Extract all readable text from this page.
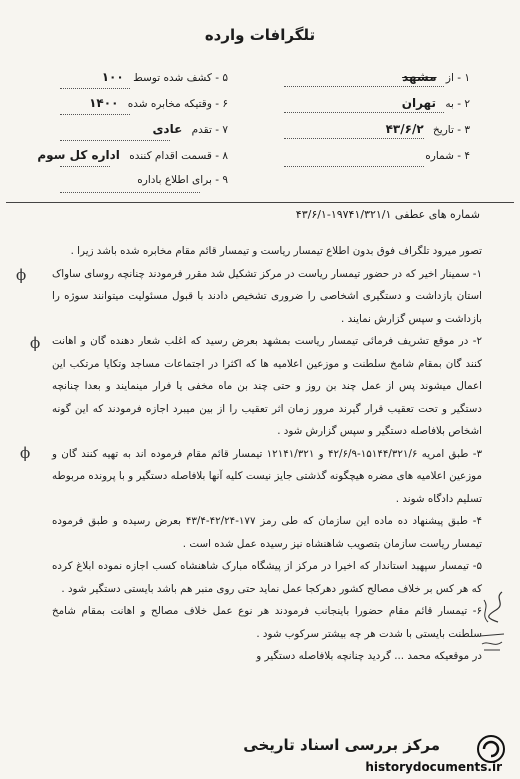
تلگرافات وارده
۱ - از مشهد
۲ - به تهران
۳ - تاریخ ۴۳/۶/۲
۴ - شماره
۵ - کشف شده توسط ۱۰۰
۶ - وقتیکه مخابره شده ۱۴۰۰
۷ - تقدم عادی
۸ - قسمت اقدام کننده اداره کل سوم
۹ - برای اطلاع باداره
شماره های عطفی ۱۹۷۴۱/۳۲۱/۱-۴۳/۶/۱

تصور میرود تلگراف فوق بدون اطلاع تیمسار ریاست و تیمسار قائم مقام مخابره شده باشد زیرا .

۱- سمینار اخیر که در حضور تیمسار ریاست در مرکز تشکیل شد مقرر فرمودند چنانچه روسای ساواک استان بازداشت و دستگیری اشخاصی را ضروری تشخیص دادند با قبول مسئولیت میتوانند سوژه را بازداشت و سپس گزارش نمایند .

۲- در موقع تشریف فرمائی تیمسار ریاست بمشهد بعرض رسید که اغلب شعار دهنده گان و اهانت کنند گان بمقام شامخ سلطنت و موزعین اعلامیه ها که اکثرا در اجتماعات مساجد وتکایا مرتکب این اعمال میشوند پس از عمل چند بن روز و حتی چند بن ماه مخفی یا فرار مینمایند و بعدا چنانچه دستگیر و تحت تعقیب قرار گیرند مرور زمان اثر تعقیب را از بین میبرد اجازه فرمودند که این گونه اشخاص بلافاصله دستگیر و سپس گزارش شود .

۳- طبق امریه ۱۵۱۴۴/۳۲۱/۶-۴۲/۶/۹ و ۱۲۱۴۱/۳۲۱ تیمسار قائم مقام فرموده اند به تهیه کنند گان و موزعین اعلامیه های مضره هیچگونه گذشتی جایز نیست کلیه آنها بلافاصله دستگیر و با پرونده مربوطه تسلیم دادگاه شوند .

۴- طبق پیشنهاد ده ماده این سازمان که طی رمز ۱۷۷-۴۲/۲۴-۴۳/۴ بعرض رسیده و طبق فرموده تیمسار ریاست سازمان بتصویب شاهنشاه نیز رسیده عمل شده است .

۵- تیمسار سپهبد استاندار که اخیرا در مرکز از پیشگاه مبارک شاهنشاه کسب اجازه نموده ابلاغ کرده که هر کس بر خلاف مصالح کشور دهرکجا عمل نماید حتی روی منبر هم باشد بایستی دستگیر شود .

۶- تیمسار قائم مقام حضورا باینجانب فرمودند هر نوع عمل خلاف مصالح و اهانت بمقام شامخ سلطنت بایستی با شدت هر چه بیشتر سرکوب شود .

در موقعیکه محمد ... گردید چنانچه بلافاصله دستگیر و

ϕ
ϕ
ϕ
مرکز بررسی اسناد تاریخی
historydocuments.ir
